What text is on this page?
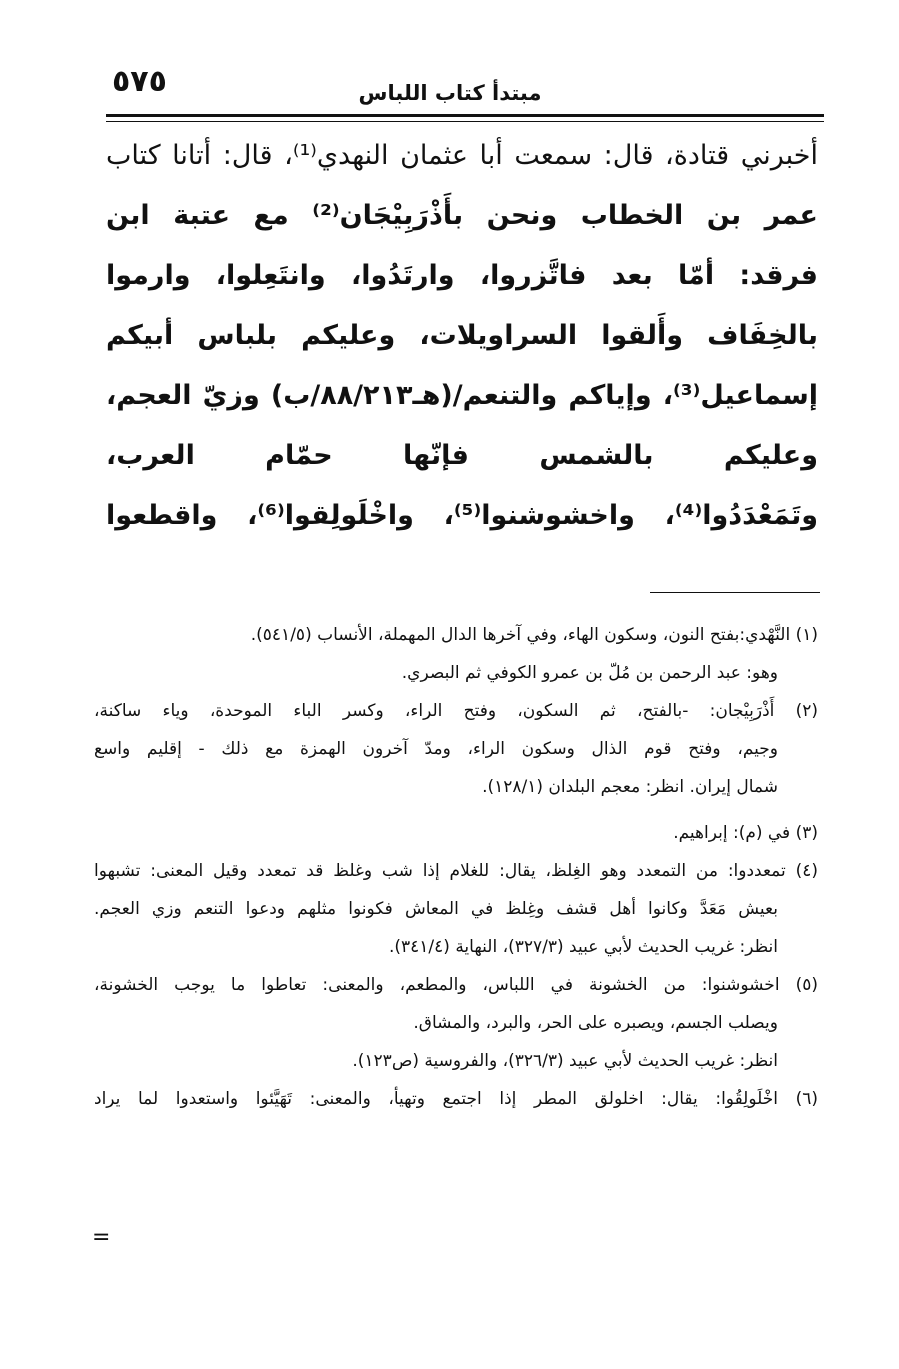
٥٧٥	مبتدأ كتاب اللباس
أخبرني قتادة، قال: سمعت أبا عثمان النهدي⁽¹⁾، قال: أتانا كتاب
عمر بن الخطاب ونحن بأَذْرَبِيْجَان⁽²⁾ مع عتبة ابن
فرقد: أمّا بعد فاتَّزروا، وارتَدُوا، وانتَعِلوا، وارموا
بالخِفَاف وأَلقوا السراويلات، وعليكم بلباس أبيكم
إسماعيل⁽³⁾، وإياكم والتنعم/(هـ٨٨/٢١٣/ب) وزيّ العجم،
وعليكم بالشمس فإنّها حمّام العرب،
وتَمَعْدَدُوا⁽⁴⁾، واخشوشنوا⁽⁵⁾، واخْلَولِقوا⁽⁶⁾، واقطعوا
(١) النَّهْدي:بفتح النون، وسكون الهاء، وفي آخرها الدال المهملة، الأنساب (٥٤١/٥).
وهو: عبد الرحمن بن مُلّ بن عمرو الكوفي ثم البصري.
(٢) أَذْرَبِيْجان: -بالفتح، ثم السكون، وفتح الراء، وكسر الباء الموحدة، وياء ساكنة،
وجيم، وفتح قوم الذال وسكون الراء، ومدّ آخرون الهمزة مع ذلك - إقليم واسع
شمال إيران. انظر: معجم البلدان (١٢٨/١).
(٣) في (م): إبراهيم.
(٤) تمعددوا: من التمعدد وهو الغِلظ، يقال: للغلام إذا شب وغلظ قد تمعدد وقيل المعنى: تشبهوا
بعيش مَعَدَّ وكانوا أهل قشف وغِلظ في المعاش فكونوا مثلهم ودعوا التنعم وزي العجم.
انظر: غريب الحديث لأبي عبيد (٣٢٧/٣)، النهاية (٣٤١/٤).
(٥) اخشوشنوا: من الخشونة في اللباس، والمطعم، والمعنى: تعاطوا ما يوجب الخشونة،
ويصلب الجسم، ويصبره على الحر، والبرد، والمشاق.
انظر: غريب الحديث لأبي عبيد (٣٢٦/٣)، والفروسية (ص١٢٣).
(٦) اخْلَولِقُوا: يقال: اخلولق المطر إذا اجتمع وتهيأ، والمعنى: تَهَيَّئوا واستعدوا لما يراد
=
